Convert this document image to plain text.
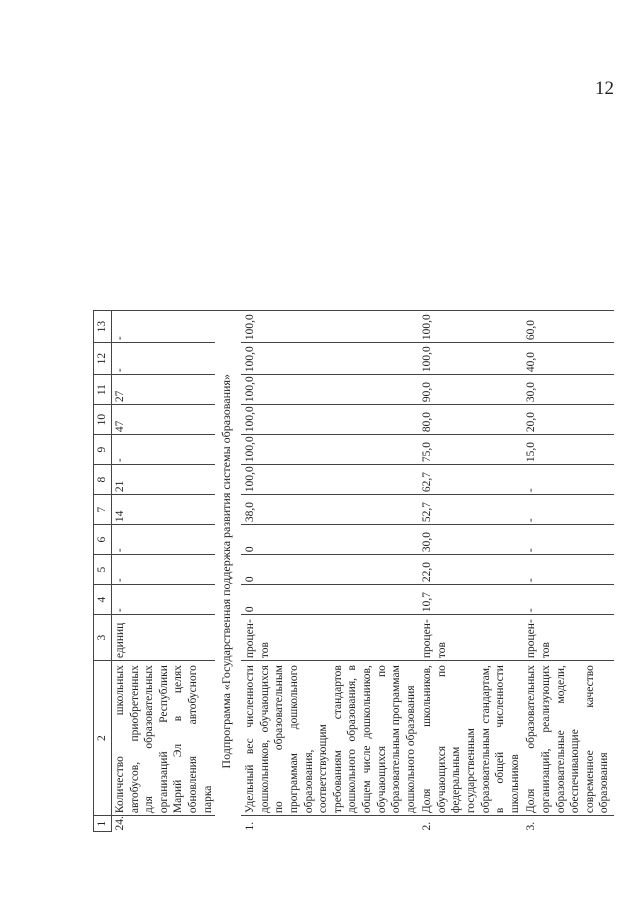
12
1	2	3	4	5	6	7	8	9	10	11	12	13
24.	Количество школьных автобусов, приобретенных для образовательных организаций Республики Марий Эл в целях обновления автобусного парка	единиц	-	-	-	14	21	-	47	27	-	-

Подпрограмма «Государственная поддержка развития системы образования»												

1.	Удельный вес численности дошкольников, обучающихся по образовательным программам дошкольного образования, соответствующим требованиям стандартов дошкольного образования, в общем числе дошкольников, обучающихся по образовательным программам дошкольного образования	процен-тов	0	0	0	38,0	100,0	100,0	100,0	100,0	100,0	100,0
2.	Доля школьников, обучающихся по федеральным государственным образовательным стандартам, в общей численности школьников	процен-тов	10,7	22,0	30,0	52,7	62,7	75,0	80,0	90,0	100,0	100,0
3.	Доля образовательных организаций, реализующих образовательные модели, обеспечивающие современное качество образования	процен-тов	-	-	-	-	-	15,0	20,0	30,0	40,0	60,0
